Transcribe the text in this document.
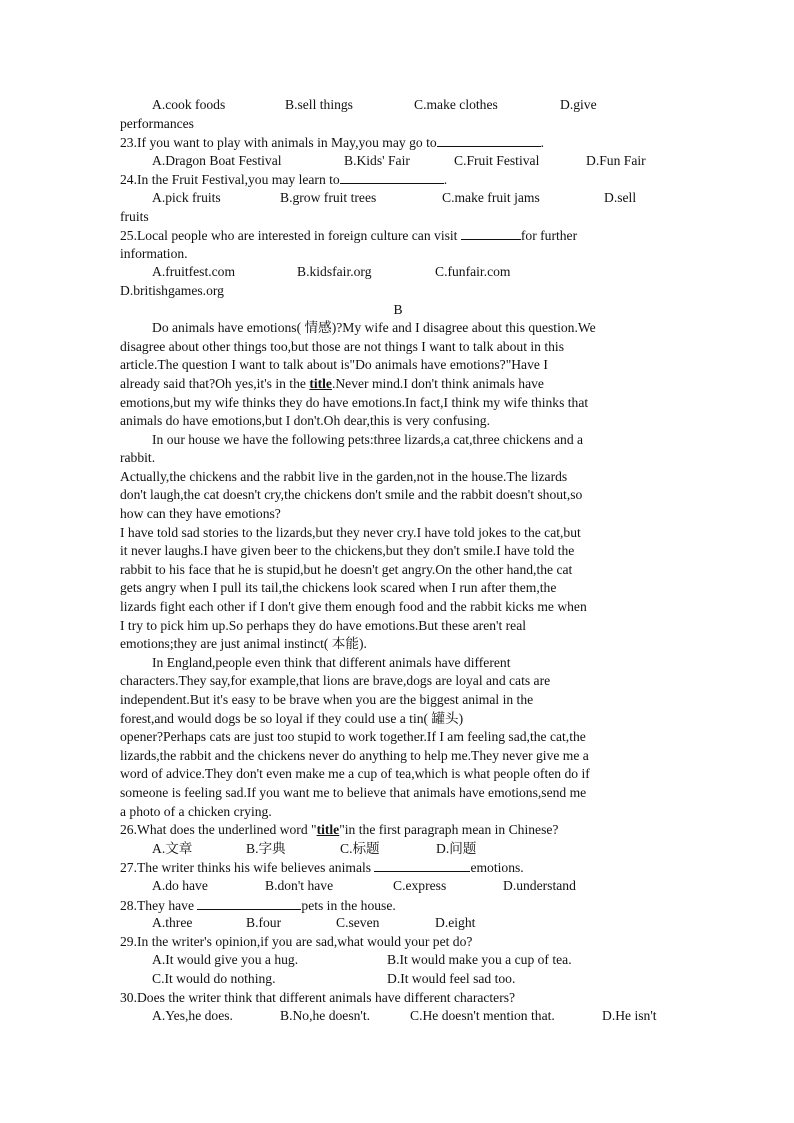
A.cook foods	B.sell things	C.make clothes	D.give
performances
23.If you want to play with animals in May,you may go to	.
A.Dragon Boat Festival	B.Kids' Fair	C.Fruit Festival	D.Fun Fair
24.In the Fruit Festival,you may learn to	.
A.pick fruits	B.grow fruit trees	C.make fruit jams	D.sell
fruits
25.Local people who are interested in foreign culture can visit	for further
information.
A.fruitfest.com	B.kidsfair.org	C.funfair.com
D.britishgames.org
B
Do animals have emotions( 情感)?My wife and I disagree about this question.We
disagree about other things too,but those are not things I want to talk about in this
article.The question I want to talk about is"Do animals have emotions?"Have I
already said that?Oh yes,it's in the title.Never mind.I don't think animals have
emotions,but my wife thinks they do have emotions.In fact,I think my wife thinks that
animals do have emotions,but I don't.Oh dear,this is very confusing.
In our house we have the following pets:three lizards,a cat,three chickens and a
rabbit.
Actually,the chickens and the rabbit live in the garden,not in the house.The lizards
don't laugh,the cat doesn't cry,the chickens don't smile and the rabbit doesn't shout,so
how can they have emotions?
I have told sad stories to the lizards,but they never cry.I have told jokes to the cat,but
it never laughs.I have given beer to the chickens,but they don't smile.I have told the
rabbit to his face that he is stupid,but he doesn't get angry.On the other hand,the cat
gets angry when I pull its tail,the chickens look scared when I run after them,the
lizards fight each other if I don't give them enough food and the rabbit kicks me when
I try to pick him up.So perhaps they do have emotions.But these aren't real
emotions;they are just animal instinct( 本能).
In England,people even think that different animals have different
characters.They say,for example,that lions are brave,dogs are loyal and cats are
independent.But it's easy to be brave when you are the biggest animal in the
forest,and would dogs be so loyal if they could use a tin( 罐头)
opener?Perhaps cats are just too stupid to work together.If I am feeling sad,the cat,the
lizards,the rabbit and the chickens never do anything to help me.They never give me a
word of advice.They don't even make me a cup of tea,which is what people often do if
someone is feeling sad.If you want me to believe that animals have emotions,send me
a photo of a chicken crying.
26.What does the underlined word "title"in the first paragraph mean in Chinese?
A.文章	B.字典	C.标题	D.问题
27.The writer thinks his wife believes animals	emotions.
A.do have	B.don't have	C.express	D.understand
28.They have	pets in the house.
A.three	B.four	C.seven	D.eight
29.In the writer's opinion,if you are sad,what would your pet do?
A.It would give you a hug.	B.It would make you a cup of tea.
C.It would do nothing.	D.It would feel sad too.
30.Does the writer think that different animals have different characters?
A.Yes,he does.	B.No,he doesn't.	C.He doesn't mention that.	D.He isn't
